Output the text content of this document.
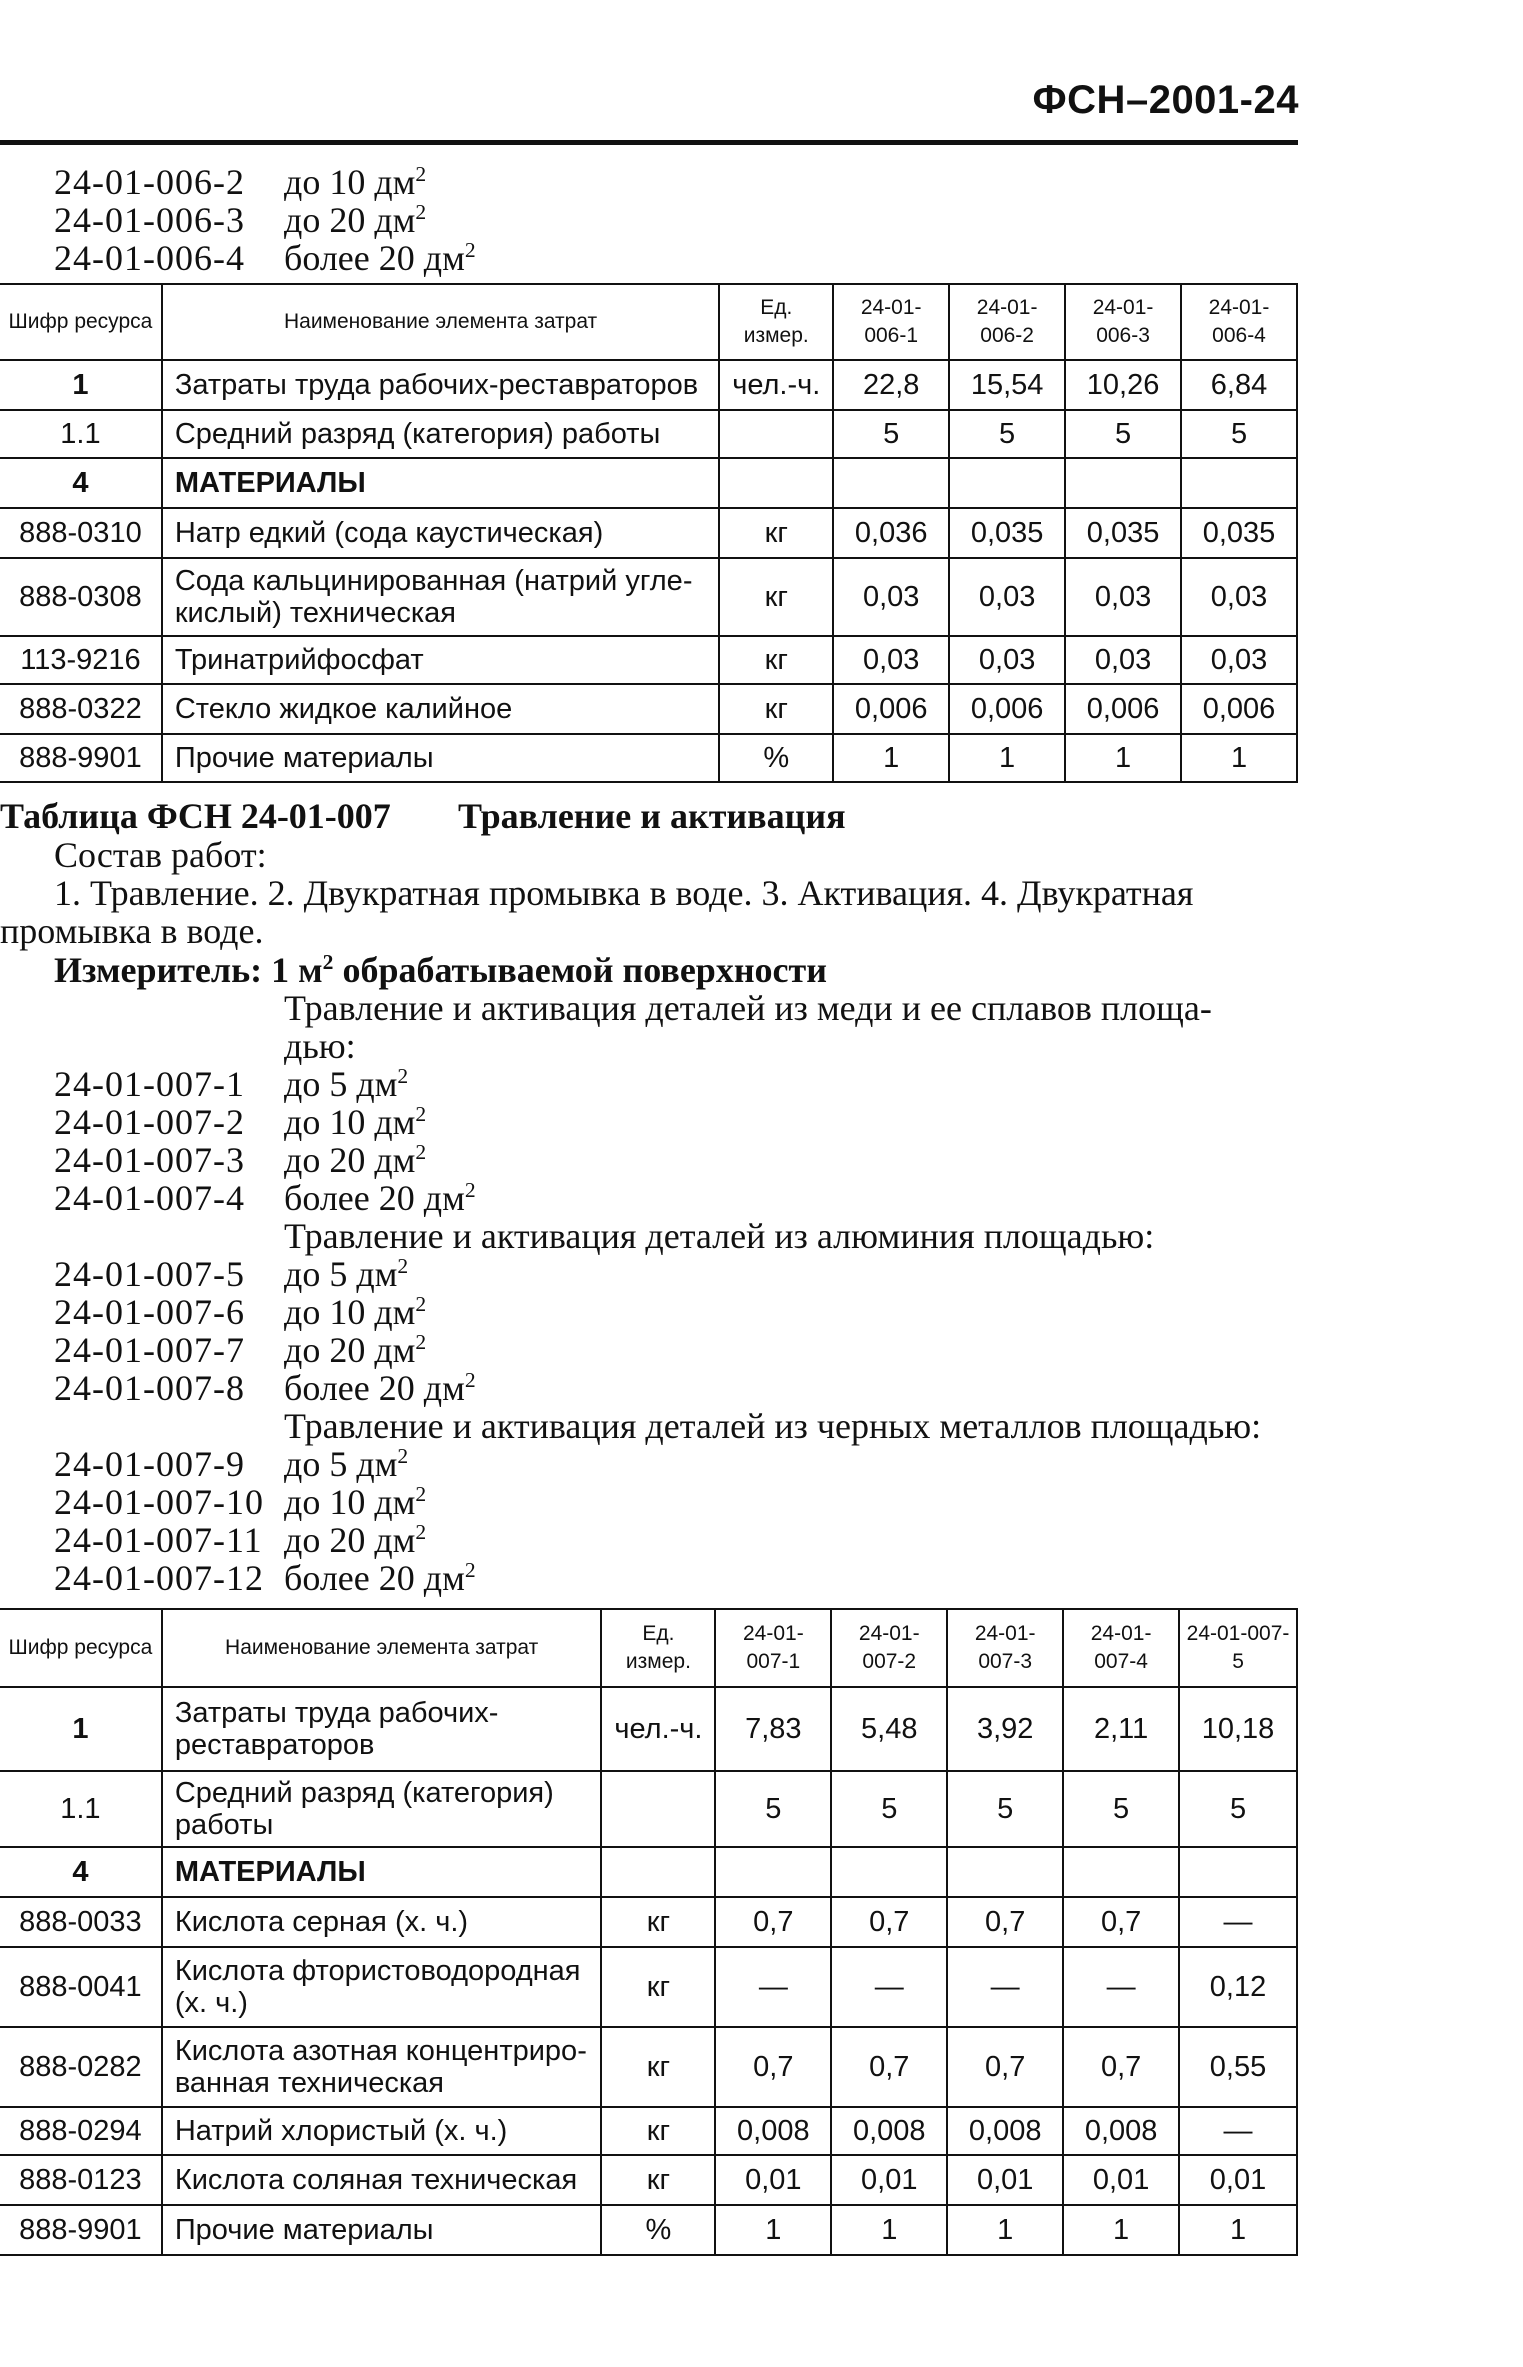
ФСН–2001-24
24-01-006-2 до 10 $дм^2$
24-01-006-3 до 20 $дм^2$
24-01-006-4 более 20 $дм^2$
Шифр ресурса	Наименование элемента затрат	Ед. измер.	24-01-006-1	24-01-006-2	24-01-006-3	24-01-006-4
1	Затраты труда рабочих-реставраторов	чел.-ч.	22,8	15,54	10,26	6,84
1.1	Средний разряд (категория) работы		5	5	5	5
4	МАТЕРИАЛЫ					
888-0310	Натр едкий (сода каустическая)	кг	0,036	0,035	0,035	0,035
888-0308	Сода кальцинированная (натрий угле-кислый) техническая	кг	0,03	0,03	0,03	0,03
113-9216	Тринатрийфосфат	кг	0,03	0,03	0,03	0,03
888-0322	Стекло жидкое калийное	кг	0,006	0,006	0,006	0,006
888-9901	Прочие материалы	%	1	1	1	1
Таблица ФСН 24-01-007 Травление и активация
Состав работ:
1. Травление. 2. Двукратная промывка в воде. 3. Активация. 4. Двукратная
промывка в воде.
Измеритель: 1 $м^2$ обрабатываемой поверхности
Травление и активация деталей из меди и ее сплавов площа-
дью:
24-01-007-1 до 5 $дм^2$
24-01-007-2 до 10 $дм^2$
24-01-007-3 до 20 $дм^2$
24-01-007-4 более 20 $дм^2$
Травление и активация деталей из алюминия площадью:
24-01-007-5 до 5 $дм^2$
24-01-007-6 до 10 $дм^2$
24-01-007-7 до 20 $дм^2$
24-01-007-8 более 20 $дм^2$
Травление и активация деталей из черных металлов площадью:
24-01-007-9 до 5 $дм^2$
24-01-007-10 до 10 $дм^2$
24-01-007-11 до 20 $дм^2$
24-01-007-12 более 20 $дм^2$
Шифр ресурса	Наименование элемента затрат	Ед. измер.	24-01-007-1	24-01-007-2	24-01-007-3	24-01-007-4	24-01-007-5
1	Затраты труда рабочих-реставраторов	чел.-ч.	7,83	5,48	3,92	2,11	10,18
1.1	Средний разряд (категория) работы		5	5	5	5	5
4	МАТЕРИАЛЫ						
888-0033	Кислота серная (х. ч.)	кг	0,7	0,7	0,7	0,7	—
888-0041	Кислота фтористоводородная (х. ч.)	кг	—	—	—	—	0,12
888-0282	Кислота азотная концентриро-ванная техническая	кг	0,7	0,7	0,7	0,7	0,55
888-0294	Натрий хлористый (х. ч.)	кг	0,008	0,008	0,008	0,008	—
888-0123	Кислота соляная техническая	кг	0,01	0,01	0,01	0,01	0,01
888-9901	Прочие материалы	%	1	1	1	1	1
